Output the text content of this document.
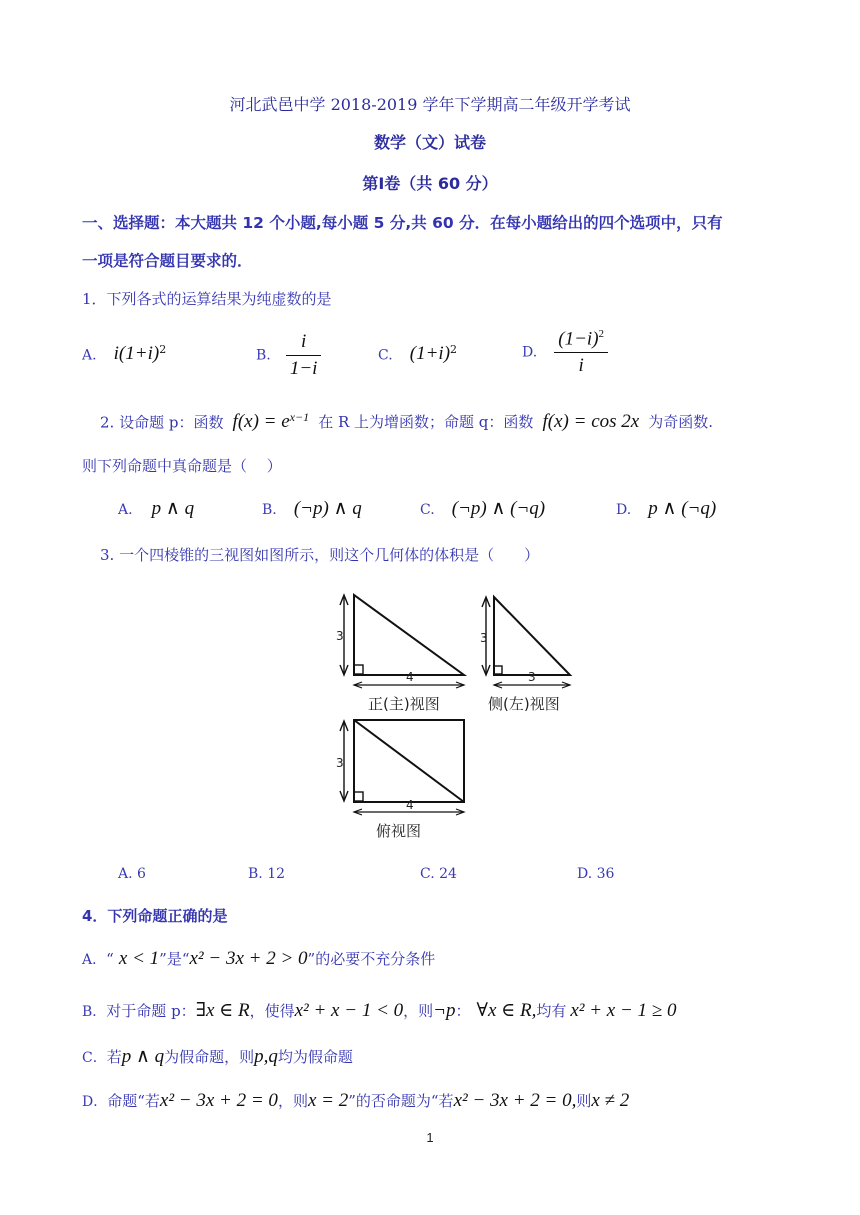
河北武邑中学 2018-2019 学年下学期高二年级开学考试
数学（文）试卷
第Ⅰ卷（共 60 分）
一、选择题：本大题共 12 个小题,每小题 5 分,共 60 分．在每小题给出的四个选项中，只有
一项是符合题目要求的．
1．下列各式的运算结果为纯虚数的是
A. $i(1+i)^2$	B. $\frac{i}{1-i}$	C. $(1+i)^2$	D. $\frac{(1-i)^2}{i}$
2. 设命题 p：函数 $f(x) = e^{x-1}$ 在 R 上为增函数；命题 q：函数 f(x) = cos 2x 为奇函数.
则下列命题中真命题是（　 ）
A. p ∧ q	B. (¬p) ∧ q	C. (¬p) ∧ (¬q)	D. p ∧ (¬q)
3. 一个四棱锥的三视图如图所示，则这个几何体的体积是（　　）
3
4
正(主)视图
3
3
侧(左)视图
3
4
俯视图
A. 6	B. 12	C. 24	D. 36
4．下列命题正确的是
A．“ x < 1”是“x² − 3x + 2 > 0”的必要不充分条件
B．对于命题 p：∃x ∈ R，使得x² + x − 1 < 0，则¬p： ∀x ∈ R,均有 x² + x − 1 ≥ 0
C．若p ∧ q为假命题，则p,q均为假命题
D．命题“若x² − 3x + 2 = 0，则x = 2”的否命题为“若x² − 3x + 2 = 0,则x ≠ 2
1
